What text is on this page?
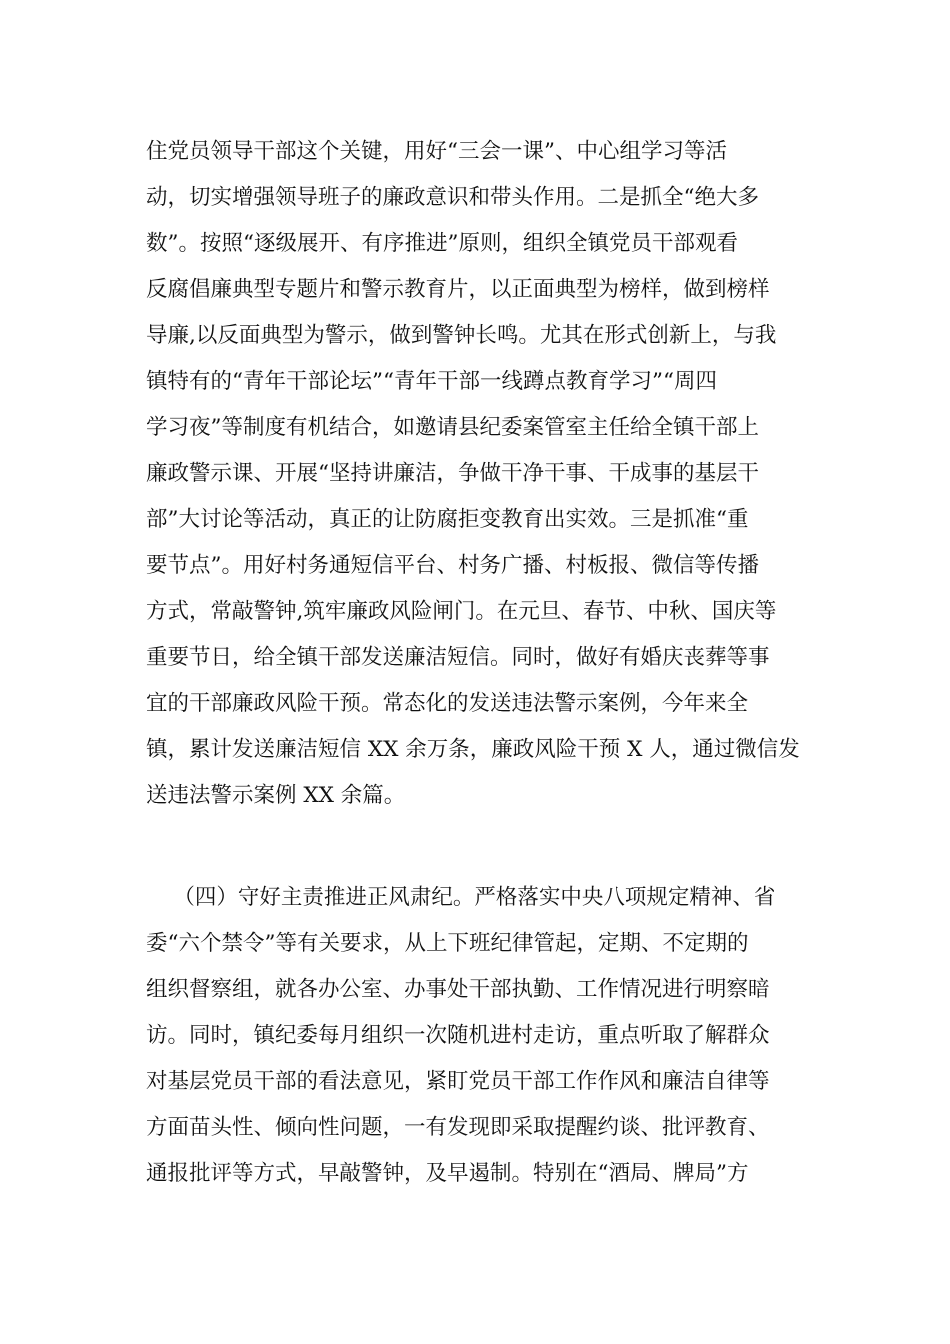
住党员领导干部这个关键，用好“三会一课”、中心组学习等活
动，切实增强领导班子的廉政意识和带头作用。二是抓全“绝大多
数”。按照“逐级展开、有序推进”原则，组织全镇党员干部观看
反腐倡廉典型专题片和警示教育片，以正面典型为榜样，做到榜样
导廉,以反面典型为警示，做到警钟长鸣。尤其在形式创新上，与我
镇特有的“青年干部论坛”“青年干部一线蹲点教育学习”“周四
学习夜”等制度有机结合，如邀请县纪委案管室主任给全镇干部上
廉政警示课、开展“坚持讲廉洁，争做干净干事、干成事的基层干
部”大讨论等活动，真正的让防腐拒变教育出实效。三是抓准“重
要节点”。用好村务通短信平台、村务广播、村板报、微信等传播
方式，常敲警钟,筑牢廉政风险闸门。在元旦、春节、中秋、国庆等
重要节日，给全镇干部发送廉洁短信。同时，做好有婚庆丧葬等事
宜的干部廉政风险干预。常态化的发送违法警示案例，今年来全
镇，累计发送廉洁短信 XX 余万条，廉政风险干预 X 人，通过微信发
送违法警示案例 XX 余篇。
（四）守好主责推进正风肃纪。严格落实中央八项规定精神、省
委“六个禁令”等有关要求，从上下班纪律管起，定期、不定期的
组织督察组，就各办公室、办事处干部执勤、工作情况进行明察暗
访。同时，镇纪委每月组织一次随机进村走访，重点听取了解群众
对基层党员干部的看法意见，紧盯党员干部工作作风和廉洁自律等
方面苗头性、倾向性问题，一有发现即采取提醒约谈、批评教育、
通报批评等方式，早敲警钟，及早遏制。特别在“酒局、牌局”方
